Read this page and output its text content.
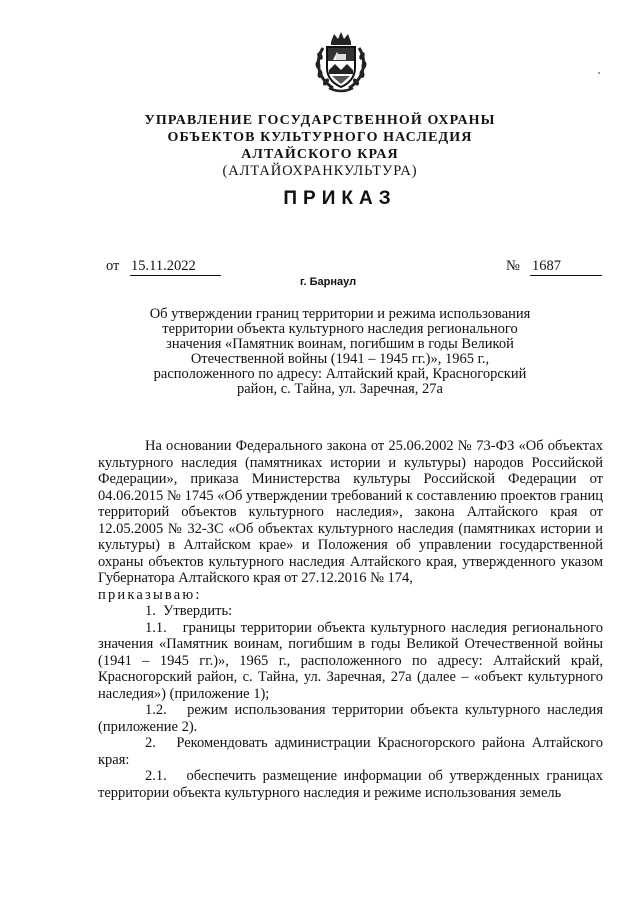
УПРАВЛЕНИЕ ГОСУДАРСТВЕННОЙ ОХРАНЫ
ОБЪЕКТОВ КУЛЬТУРНОГО НАСЛЕДИЯ
АЛТАЙСКОГО КРАЯ
(АЛТАЙОХРАНКУЛЬТУРА)
ПРИКАЗ
от 15.11.2022	№ 1687
г. Барнаул
Об утверждении границ территории и режима использования
территории объекта культурного наследия регионального
значения «Памятник воинам, погибшим в годы Великой
Отечественной войны (1941 – 1945 гг.)», 1965 г.,
расположенного по адресу: Алтайский край, Красногорский
район, с. Тайна, ул. Заречная, 27а

На основании Федерального закона от 25.06.2002 № 73-ФЗ «Об объектах культурного наследия (памятниках истории и культуры) народов Российской Федерации», приказа Министерства культуры Российской Федерации от 04.06.2015 № 1745 «Об утверждении требований к составлению проектов границ территорий объектов культурного наследия», закона Алтайского края от 12.05.2005 № 32-ЗС «Об объектах культурного наследия (памятниках истории и культуры) в Алтайском крае» и Положения об управлении государственной охраны объектов культурного наследия Алтайского края, утвержденного указом Губернатора Алтайского края от 27.12.2016 № 174,

приказываю:

1.  Утвердить:

1.1.   границы территории объекта культурного наследия регионального значения «Памятник воинам, погибшим в годы Великой Отечественной войны (1941 – 1945 гг.)», 1965 г., расположенного по адресу: Алтайский край, Красногорский район, с. Тайна, ул. Заречная, 27а (далее – «объект культурного наследия») (приложение 1);

1.2.   режим использования территории объекта культурного наследия (приложение 2).

2.   Рекомендовать администрации Красногорского района Алтайского края:

2.1.   обеспечить размещение информации об утвержденных границах территории объекта культурного наследия и режиме использования земель
